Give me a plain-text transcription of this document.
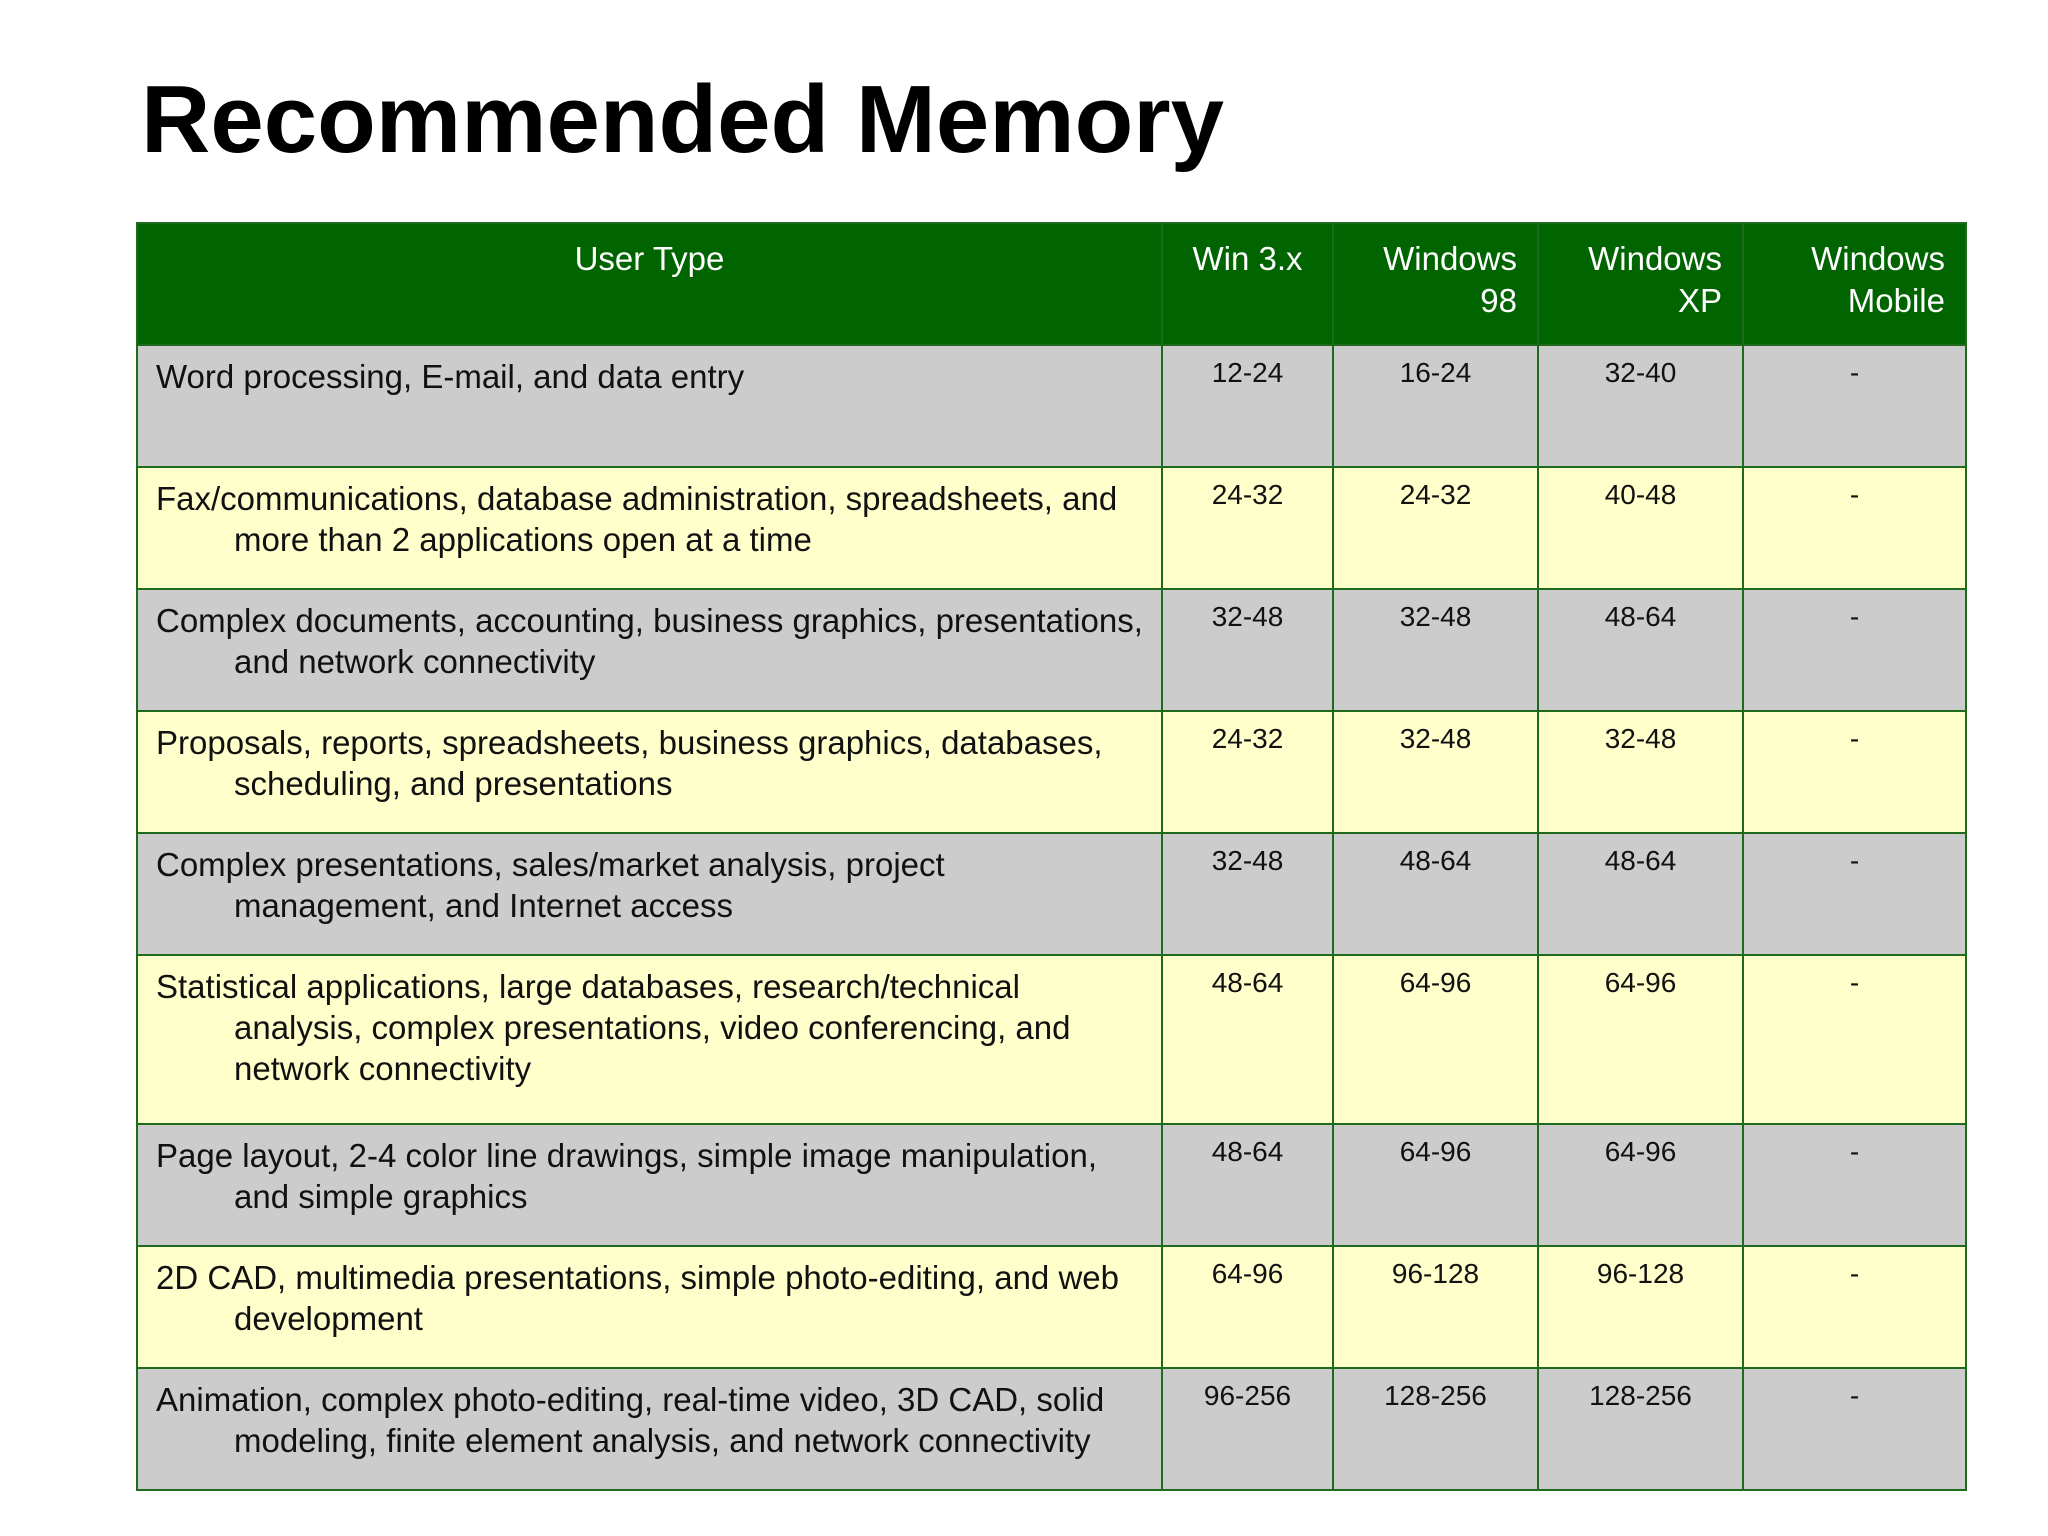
Recommended Memory
User Type	Win 3.x	Windows 98	Windows XP	Windows Mobile
Word processing, E-mail, and data entry	12-24	16-24	32-40	-
Fax/communications, database administration, spreadsheets, and more than 2 applications open at a time	24-32	24-32	40-48	-
Complex documents, accounting, business graphics, presentations, and network connectivity	32-48	32-48	48-64	-
Proposals, reports, spreadsheets, business graphics, databases, scheduling, and presentations	24-32	32-48	32-48	-
Complex presentations, sales/market analysis, project management, and Internet access	32-48	48-64	48-64	-
Statistical applications, large databases, research/technical analysis, complex presentations, video conferencing, and network connectivity	48-64	64-96	64-96	-
Page layout, 2-4 color line drawings, simple image manipulation, and simple graphics	48-64	64-96	64-96	-
2D CAD, multimedia presentations, simple photo-editing, and web development	64-96	96-128	96-128	-
Animation, complex photo-editing, real-time video, 3D CAD, solid modeling, finite element analysis, and network connectivity	96-256	128-256	128-256	-
